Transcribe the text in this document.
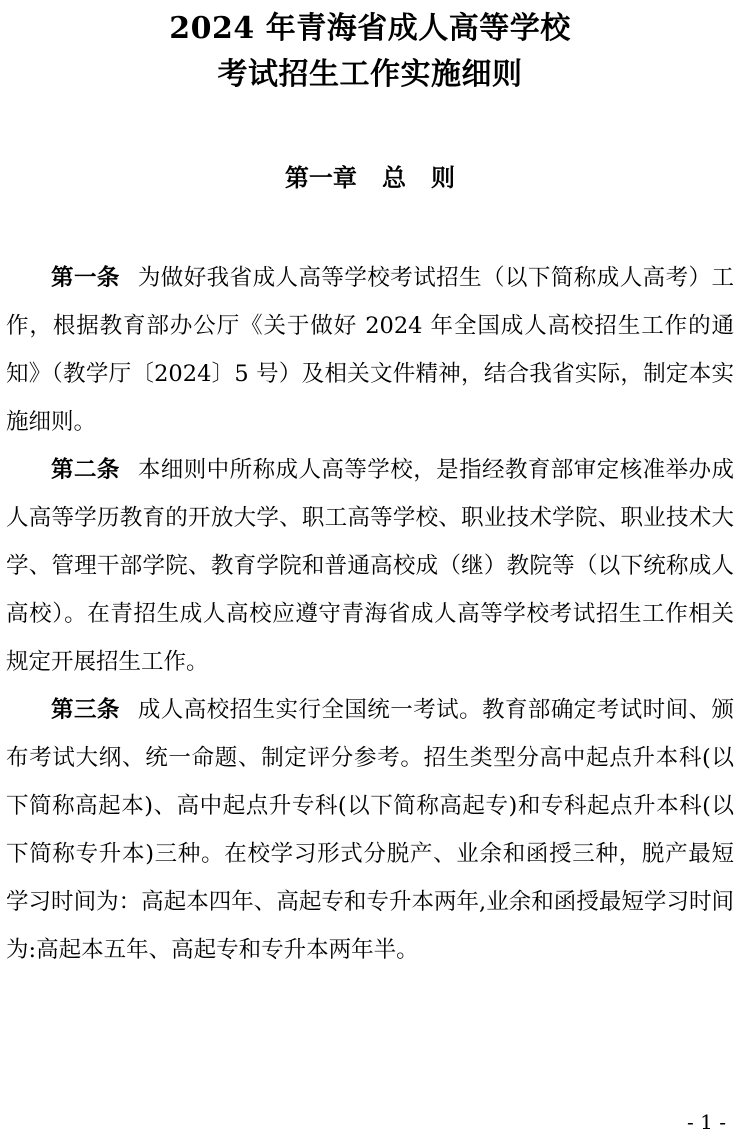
2024 年青海省成人高等学校
考试招生工作实施细则
第一章   总   则

第一条 为做好我省成人高等学校考试招生（以下简称成人高考）工作，根据教育部办公厅《关于做好 2024 年全国成人高校招生工作的通知》（教学厅〔2024〕5 号）及相关文件精神，结合我省实际，制定本实施细则。

第二条 本细则中所称成人高等学校，是指经教育部审定核准举办成人高等学历教育的开放大学、职工高等学校、职业技术学院、职业技术大学、管理干部学院、教育学院和普通高校成（继）教院等（以下统称成人高校）。在青招生成人高校应遵守青海省成人高等学校考试招生工作相关规定开展招生工作。

第三条 成人高校招生实行全国统一考试。教育部确定考试时间、颁布考试大纲、统一命题、制定评分参考。招生类型分高中起点升本科(以下简称高起本)、高中起点升专科(以下简称高起专)和专科起点升本科(以下简称专升本)三种。在校学习形式分脱产、业余和函授三种，脱产最短学习时间为：高起本四年、高起专和专升本两年,业余和函授最短学习时间为:高起本五年、高起专和专升本两年半。

- 1 -
